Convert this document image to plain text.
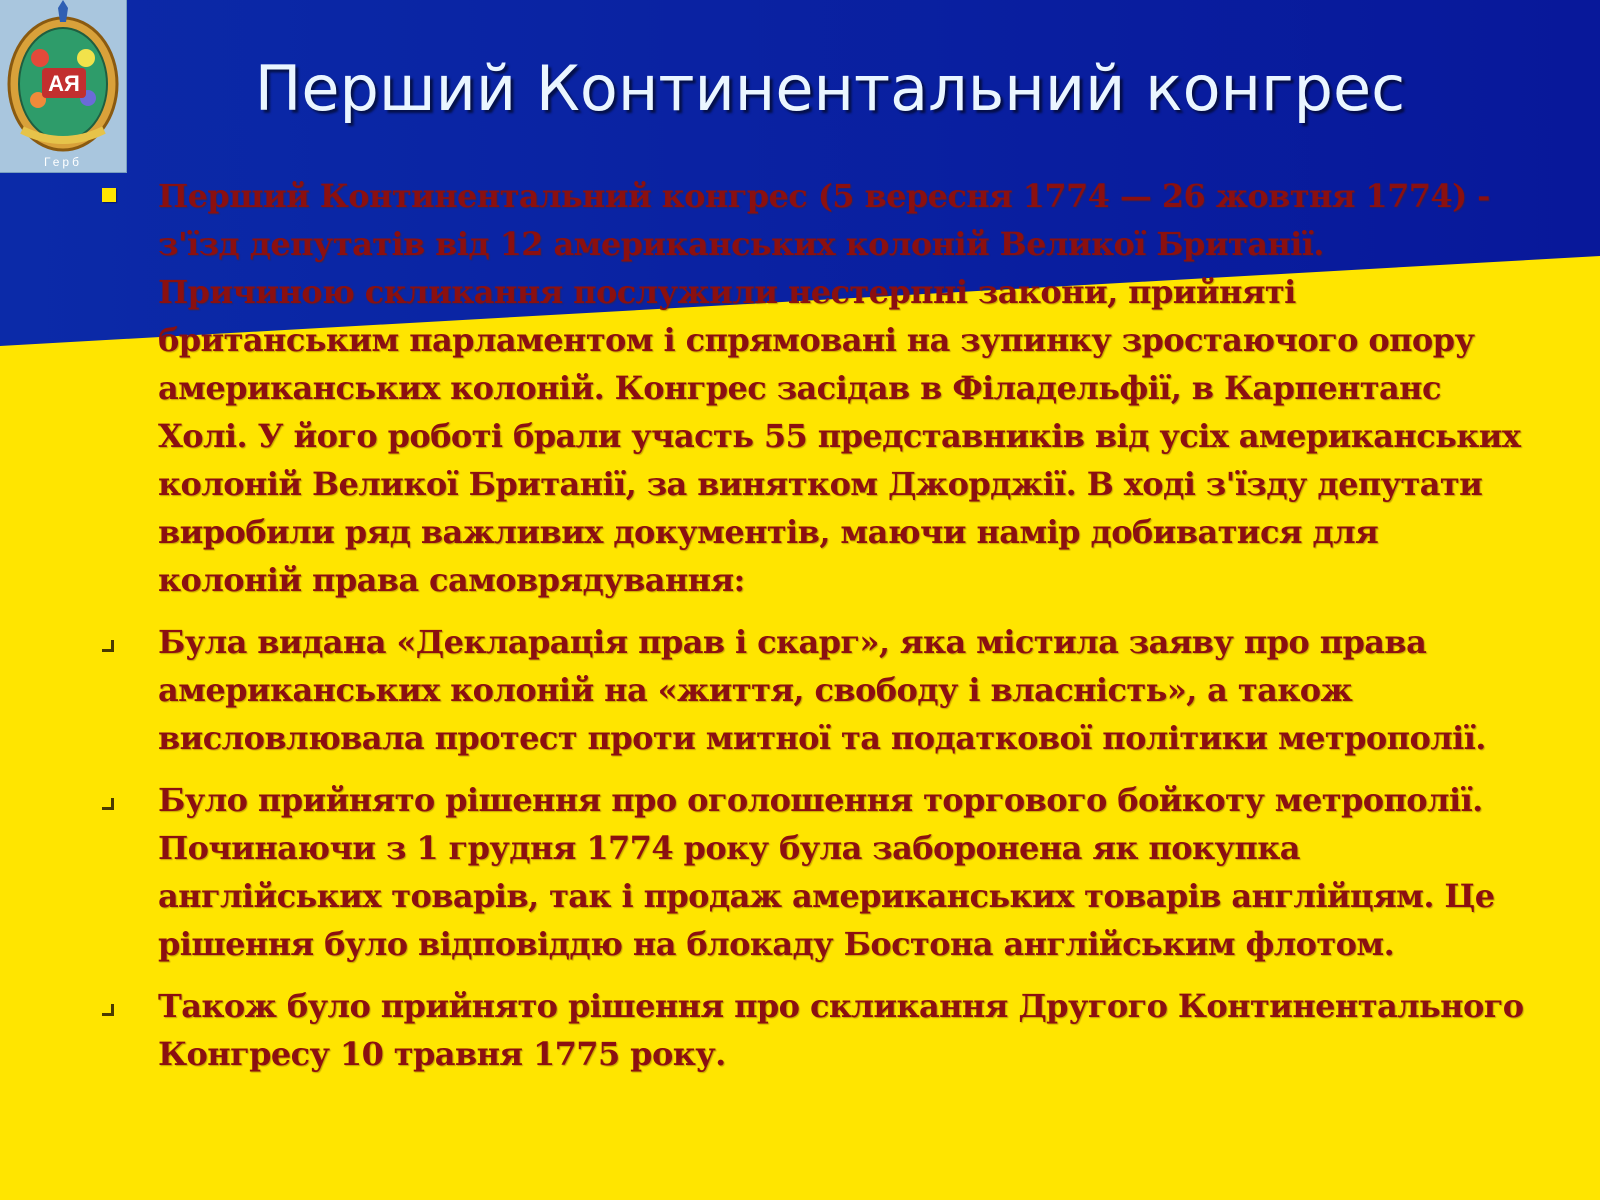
АЯ
Герб
Перший Континентальний конгрес
Перший Континентальний конгрес (5 вересня 1774 — 26 жовтня 1774) - з'їзд депутатів від 12 американських колоній Великої Британії. Причиною скликання послужили нестерпні закони, прийняті британським парламентом і спрямовані на зупинку зростаючого опору американських колоній. Конгрес засідав в Філадельфії, в Карпентанс Холі. У його роботі брали участь 55 представників від усіх американських колоній Великої Британії, за винятком Джорджії. В ході з'їзду депутати виробили ряд важливих документів, маючи намір добиватися для колоній права самоврядування:
Була видана «Декларація прав і скарг», яка містила заяву про права американських колоній на «життя, свободу і власність», а також висловлювала протест проти митної та податкової політики метрополії.
Було прийнято рішення про оголошення торгового бойкоту метрополії. Починаючи з 1 грудня 1774 року була заборонена як покупка англійських товарів, так і продаж американських товарів англійцям. Це рішення було відповіддю на блокаду Бостона англійським флотом.
Також було прийнято рішення про скликання Другого Континентального Конгресу 10 травня 1775 року.
